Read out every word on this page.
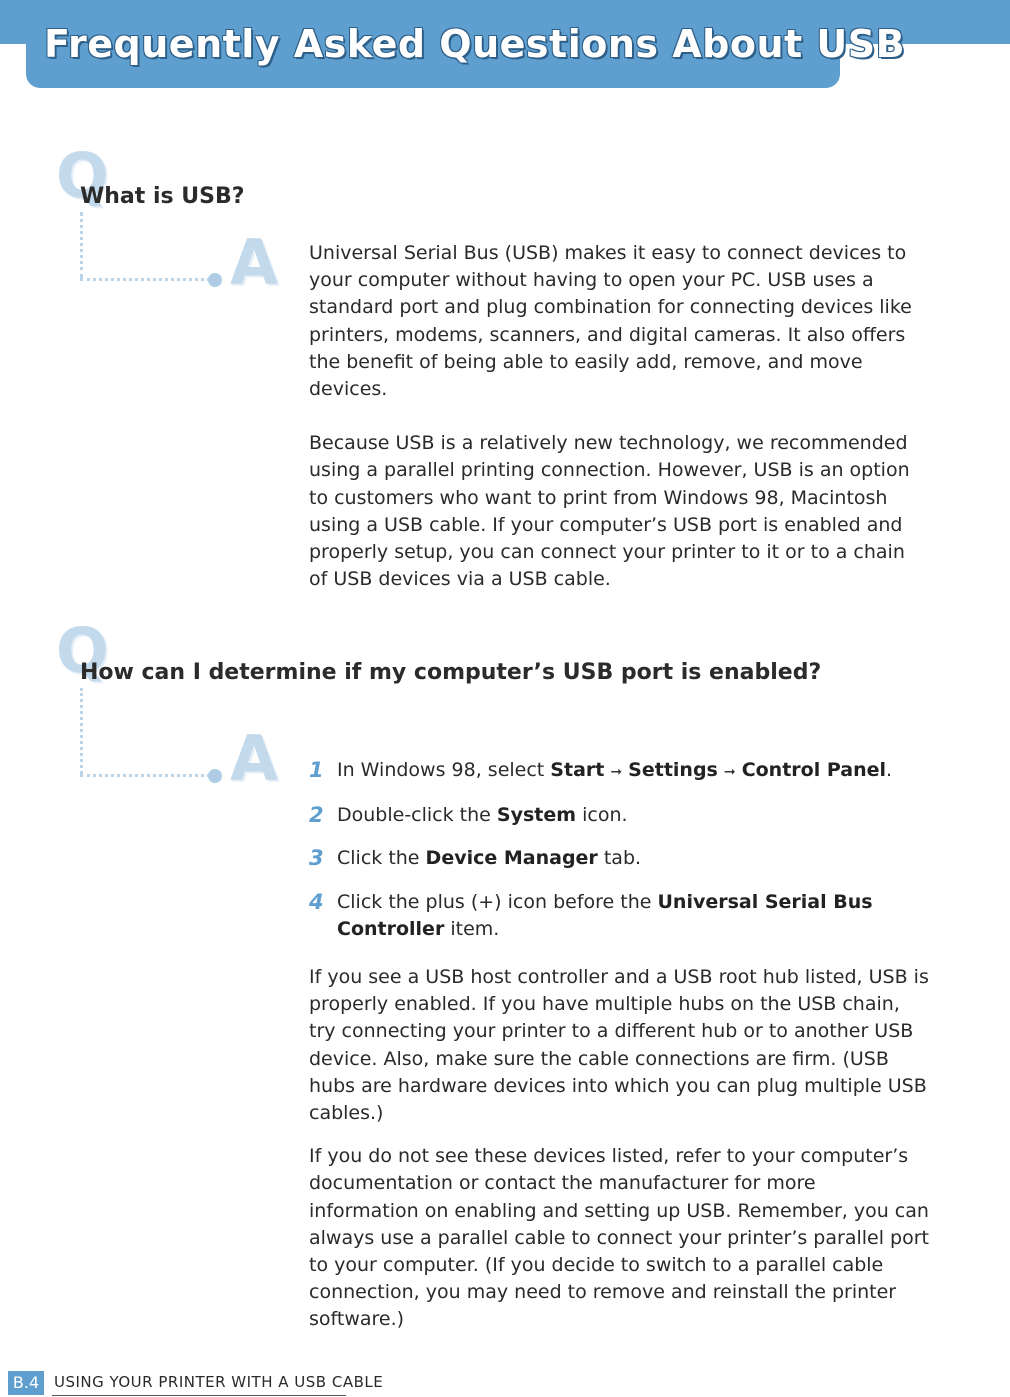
Frequently Asked Questions About USB
Q
What is USB?
A Universal Serial Bus (USB) makes it easy to connect devices to your computer without having to open your PC. USB uses a standard port and plug combination for connecting devices like printers, modems, scanners, and digital cameras. It also offers the benefit of being able to easily add, remove, and move devices.

Because USB is a relatively new technology, we recommended using a parallel printing connection. However, USB is an option to customers who want to print from Windows 98, Macintosh using a USB cable. If your computer’s USB port is enabled and properly setup, you can connect your printer to it or to a chain of USB devices via a USB cable.

Q
How can I determine if my computer’s USB port is enabled?
A 1 In Windows 98, select Start ➞ Settings ➞ Control Panel.
2 Double-click the System icon.
3 Click the Device Manager tab.
4 Click the plus (+) icon before the Universal Serial Bus Controller item.

If you see a USB host controller and a USB root hub listed, USB is properly enabled. If you have multiple hubs on the USB chain, try connecting your printer to a different hub or to another USB device. Also, make sure the cable connections are firm. (USB hubs are hardware devices into which you can plug multiple USB cables.)

If you do not see these devices listed, refer to your computer’s documentation or contact the manufacturer for more information on enabling and setting up USB. Remember, you can always use a parallel cable to connect your printer’s parallel port to your computer. (If you decide to switch to a parallel cable connection, you may need to remove and reinstall the printer software.)

B.4 USING YOUR PRINTER WITH A USB CABLE
